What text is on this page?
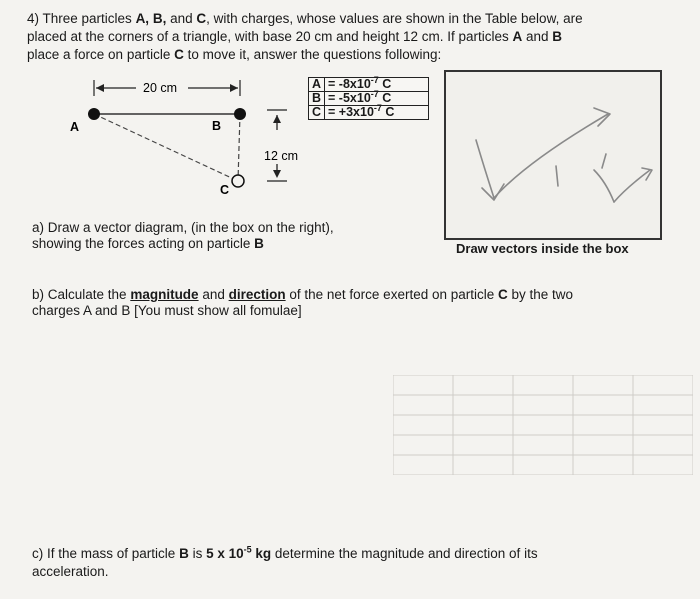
4) Three particles A, B, and C, with charges, whose values are shown in the Table below, are
placed at the corners of a triangle, with base 20 cm and height 12 cm. If particles A and B
place a force on particle C to move it, answer the questions following:
20 cm
A	B
C
12 cm
A	= $-8x10^{-7}$ C
B	= $-5x10^{-7}$ C
C	= $+3x10^{-7}$ C
Draw vectors inside the box
a) Draw a vector diagram, (in the box on the right),
showing the forces acting on particle B
b) Calculate the magnitude and direction of the net force exerted on particle C by the two
charges A and B [You must show all fomulae]
c) If the mass of particle B is 5 x $10^{-5}$ kg determine the magnitude and direction of its
acceleration.
